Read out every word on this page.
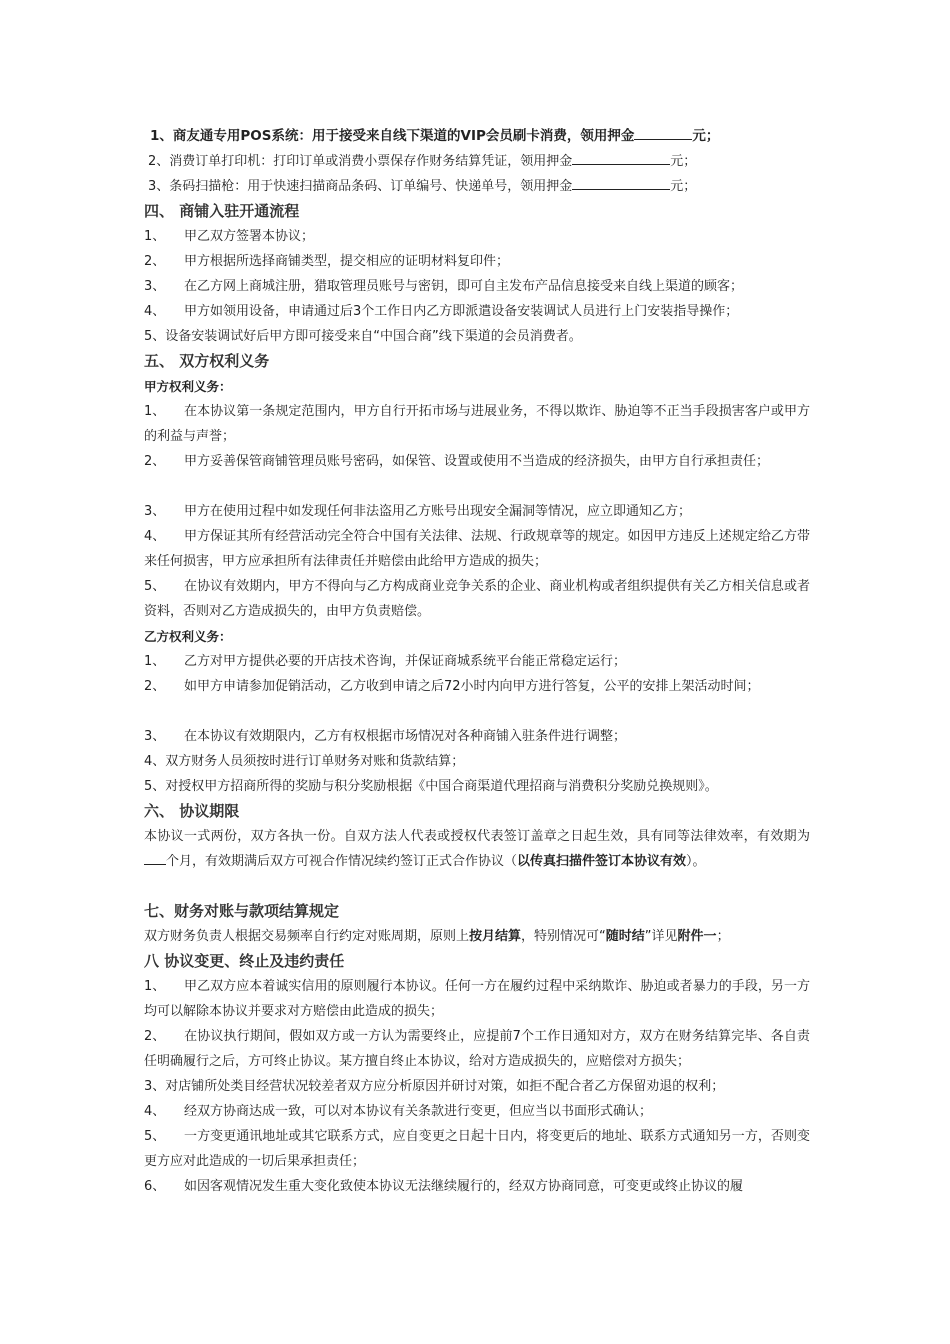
1、商友通专用POS系统：用于接受来自线下渠道的VIP会员刷卡消费，领用押金	元；

2、消费订单打印机：打印订单或消费小票保存作财务结算凭证，领用押金	元；

3、条码扫描枪：用于快速扫描商品条码、订单编号、快递单号，领用押金	元；

四、 商铺入驻开通流程

1、 甲乙双方签署本协议；

2、 甲方根据所选择商铺类型，提交相应的证明材料复印件；

3、 在乙方网上商城注册，猎取管理员账号与密钥，即可自主发布产品信息接受来自线上渠道的顾客；

4、 甲方如领用设备，申请通过后3个工作日内乙方即派遣设备安装调试人员进行上门安装指导操作；

5、设备安装调试好后甲方即可接受来自“中国合商”线下渠道的会员消费者。

五、 双方权利义务

甲方权利义务：

1、 在本协议第一条规定范围内，甲方自行开拓市场与进展业务，不得以欺诈、胁迫等不正当手段损害客户或甲方的利益与声誉；

2、 甲方妥善保管商铺管理员账号密码，如保管、设置或使用不当造成的经济损失，由甲方自行承担责任；

3、 甲方在使用过程中如发现任何非法盗用乙方账号出现安全漏洞等情况，应立即通知乙方；

4、 甲方保证其所有经营活动完全符合中国有关法律、法规、行政规章等的规定。如因甲方违反上述规定给乙方带来任何损害，甲方应承担所有法律责任并赔偿由此给甲方造成的损失；

5、 在协议有效期内，甲方不得向与乙方构成商业竞争关系的企业、商业机构或者组织提供有关乙方相关信息或者资料，否则对乙方造成损失的，由甲方负责赔偿。

乙方权利义务：

1、 乙方对甲方提供必要的开店技术咨询，并保证商城系统平台能正常稳定运行；

2、 如甲方申请参加促销活动，乙方收到申请之后72小时内向甲方进行答复，公平的安排上架活动时间；

3、 在本协议有效期限内，乙方有权根据市场情况对各种商铺入驻条件进行调整；

4、双方财务人员须按时进行订单财务对账和货款结算；

5、对授权甲方招商所得的奖励与积分奖励根据《中国合商渠道代理招商与消费积分奖励兑换规则》。

六、 协议期限

本协议一式两份，双方各执一份。自双方法人代表或授权代表签订盖章之日起生效，具有同等法律效率，有效期为个月，有效期满后双方可视合作情况续约签订正式合作协议（以传真扫描件签订本协议有效）。

七、财务对账与款项结算规定

双方财务负责人根据交易频率自行约定对账周期，原则上按月结算，特别情况可“随时结”详见附件一；

八 协议变更、终止及违约责任

1、 甲乙双方应本着诚实信用的原则履行本协议。任何一方在履约过程中采纳欺诈、胁迫或者暴力的手段，另一方均可以解除本协议并要求对方赔偿由此造成的损失；

2、 在协议执行期间，假如双方或一方认为需要终止，应提前7个工作日通知对方，双方在财务结算完毕、各自责任明确履行之后，方可终止协议。某方擅自终止本协议，给对方造成损失的，应赔偿对方损失；

3、对店铺所处类目经营状况较差者双方应分析原因并研讨对策，如拒不配合者乙方保留劝退的权利；

4、 经双方协商达成一致，可以对本协议有关条款进行变更，但应当以书面形式确认；

5、 一方变更通讯地址或其它联系方式，应自变更之日起十日内，将变更后的地址、联系方式通知另一方，否则变更方应对此造成的一切后果承担责任；

6、 如因客观情况发生重大变化致使本协议无法继续履行的，经双方协商同意，可变更或终止协议的履
